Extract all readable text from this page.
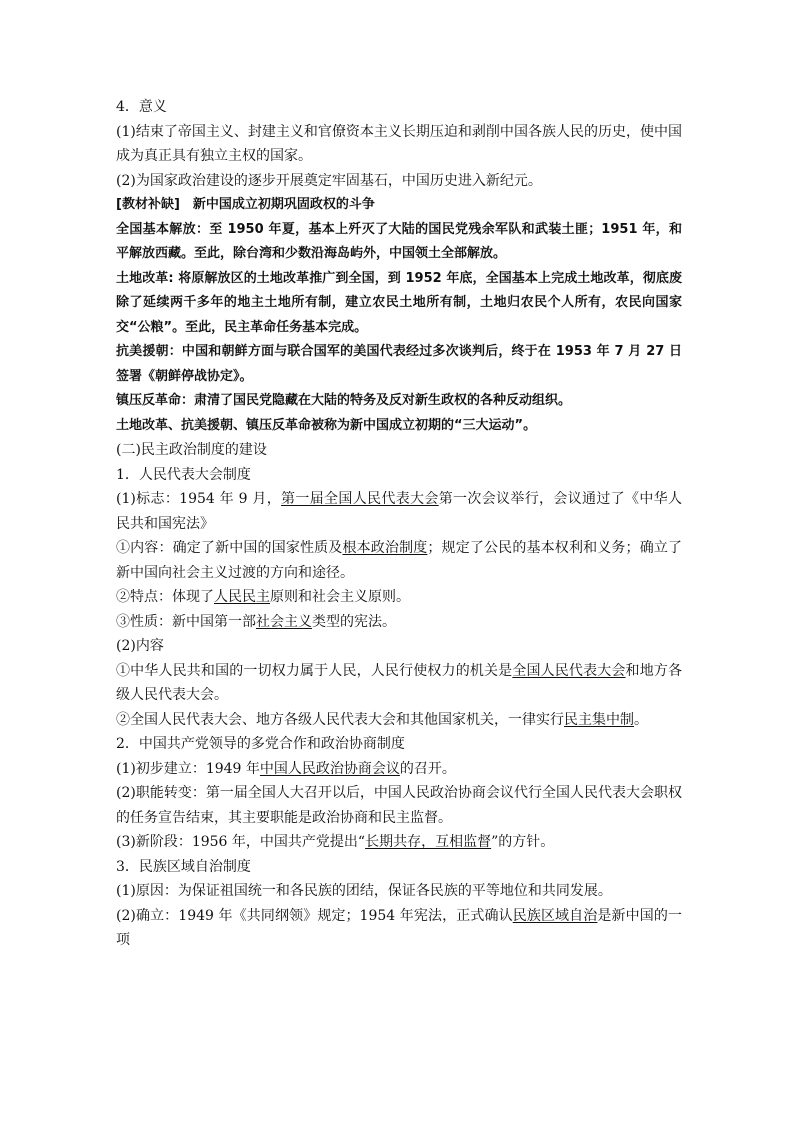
4．意义

(1)结束了帝国主义、封建主义和官僚资本主义长期压迫和剥削中国各族人民的历史，使中国成为真正具有独立主权的国家。

(2)为国家政治建设的逐步开展奠定牢固基石，中国历史进入新纪元。

[教材补缺]　新中国成立初期巩固政权的斗争

全国基本解放：至 1950 年夏，基本上歼灭了大陆的国民党残余军队和武装土匪；1951 年，和平解放西藏。至此，除台湾和少数沿海岛屿外，中国领土全部解放。

土地改革: 将原解放区的土地改革推广到全国，到 1952 年底，全国基本上完成土地改革，彻底废除了延续两千多年的地主土地所有制，建立农民土地所有制，土地归农民个人所有，农民向国家交“公粮”。至此，民主革命任务基本完成。

抗美援朝：中国和朝鲜方面与联合国军的美国代表经过多次谈判后，终于在 1953 年 7 月 27 日签署《朝鲜停战协定》。

镇压反革命：肃清了国民党隐藏在大陆的特务及反对新生政权的各种反动组织。

土地改革、抗美援朝、镇压反革命被称为新中国成立初期的“三大运动”。

(二)民主政治制度的建设

1．人民代表大会制度

(1)标志：1954 年 9 月，第一届全国人民代表大会第一次会议举行，会议通过了《中华人民共和国宪法》

①内容：确定了新中国的国家性质及根本政治制度；规定了公民的基本权利和义务；确立了新中国向社会主义过渡的方向和途径。

②特点：体现了人民民主原则和社会主义原则。

③性质：新中国第一部社会主义类型的宪法。

(2)内容

①中华人民共和国的一切权力属于人民，人民行使权力的机关是全国人民代表大会和地方各级人民代表大会。

②全国人民代表大会、地方各级人民代表大会和其他国家机关，一律实行民主集中制。

2．中国共产党领导的多党合作和政治协商制度

(1)初步建立：1949 年中国人民政治协商会议的召开。

(2)职能转变：第一届全国人大召开以后，中国人民政治协商会议代行全国人民代表大会职权的任务宣告结束，其主要职能是政治协商和民主监督。

(3)新阶段：1956 年，中国共产党提出“长期共存，互相监督”的方针。

3．民族区域自治制度

(1)原因：为保证祖国统一和各民族的团结，保证各民族的平等地位和共同发展。

(2)确立：1949 年《共同纲领》规定；1954 年宪法，正式确认民族区域自治是新中国的一项
